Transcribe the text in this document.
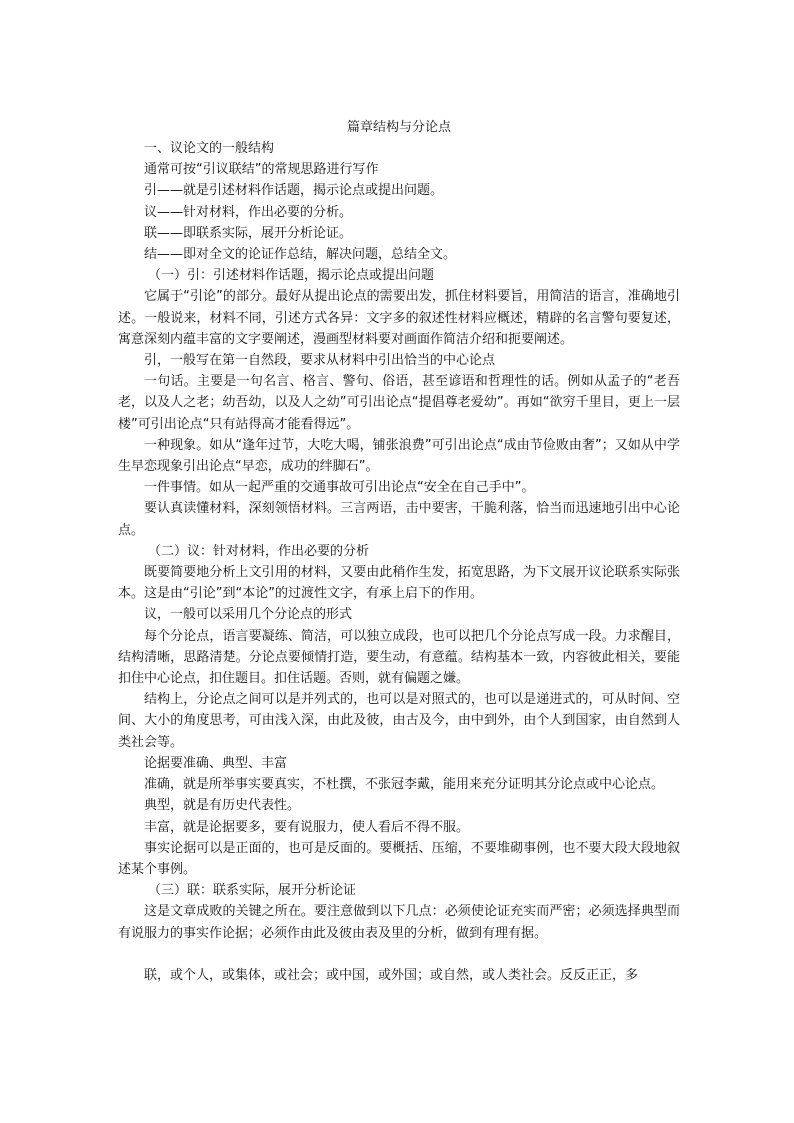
篇章结构与分论点

一、议论文的一般结构

通常可按“引议联结”的常规思路进行写作

引——就是引述材料作话题，揭示论点或提出问题。

议——针对材料，作出必要的分析。

联——即联系实际，展开分析论证。

结——即对全文的论证作总结，解决问题，总结全文。

（一）引：引述材料作话题，揭示论点或提出问题

它属于“引论”的部分。最好从提出论点的需要出发，抓住材料要旨，用简洁的语言，准确地引述。一般说来，材料不同，引述方式各异：文字多的叙述性材料应概述，精辟的名言警句要复述，寓意深刻内蕴丰富的文字要阐述，漫画型材料要对画面作简洁介绍和扼要阐述。

引，一般写在第一自然段，要求从材料中引出恰当的中心论点

一句话。主要是一句名言、格言、警句、俗语，甚至谚语和哲理性的话。例如从孟子的“老吾老，以及人之老；幼吾幼，以及人之幼”可引出论点“提倡尊老爱幼”。再如“欲穷千里目，更上一层楼”可引出论点“只有站得高才能看得远”。

一种现象。如从“逢年过节，大吃大喝，铺张浪费”可引出论点“成由节俭败由奢”；又如从中学生早恋现象引出论点“早恋，成功的绊脚石”。

一件事情。如从一起严重的交通事故可引出论点“安全在自己手中”。

要认真读懂材料，深刻领悟材料。三言两语，击中要害，干脆利落，恰当而迅速地引出中心论点。

（二）议：针对材料，作出必要的分析

既要简要地分析上文引用的材料，又要由此稍作生发，拓宽思路，为下文展开议论联系实际张本。这是由“引论”到“本论”的过渡性文字，有承上启下的作用。

议，一般可以采用几个分论点的形式

每个分论点，语言要凝练、简洁，可以独立成段，也可以把几个分论点写成一段。力求醒目，结构清晰，思路清楚。分论点要倾情打造，要生动，有意蕴。结构基本一致，内容彼此相关，要能扣住中心论点，扣住题目。扣住话题。否则，就有偏题之嫌。

结构上，分论点之间可以是并列式的，也可以是对照式的，也可以是递进式的，可从时间、空间、大小的角度思考，可由浅入深，由此及彼，由古及今，由中到外，由个人到国家，由自然到人类社会等。

论据要准确、典型、丰富

准确，就是所举事实要真实，不杜撰，不张冠李戴，能用来充分证明其分论点或中心论点。

典型，就是有历史代表性。

丰富，就是论据要多，要有说服力，使人看后不得不服。

事实论据可以是正面的，也可是反面的。要概括、压缩，不要堆砌事例，也不要大段大段地叙述某个事例。

（三）联：联系实际，展开分析论证

这是文章成败的关键之所在。要注意做到以下几点：必须使论证充实而严密；必须选择典型而有说服力的事实作论据；必须作由此及彼由表及里的分析，做到有理有据。

联，或个人，或集体，或社会；或中国，或外国；或自然，或人类社会。反反正正，多
